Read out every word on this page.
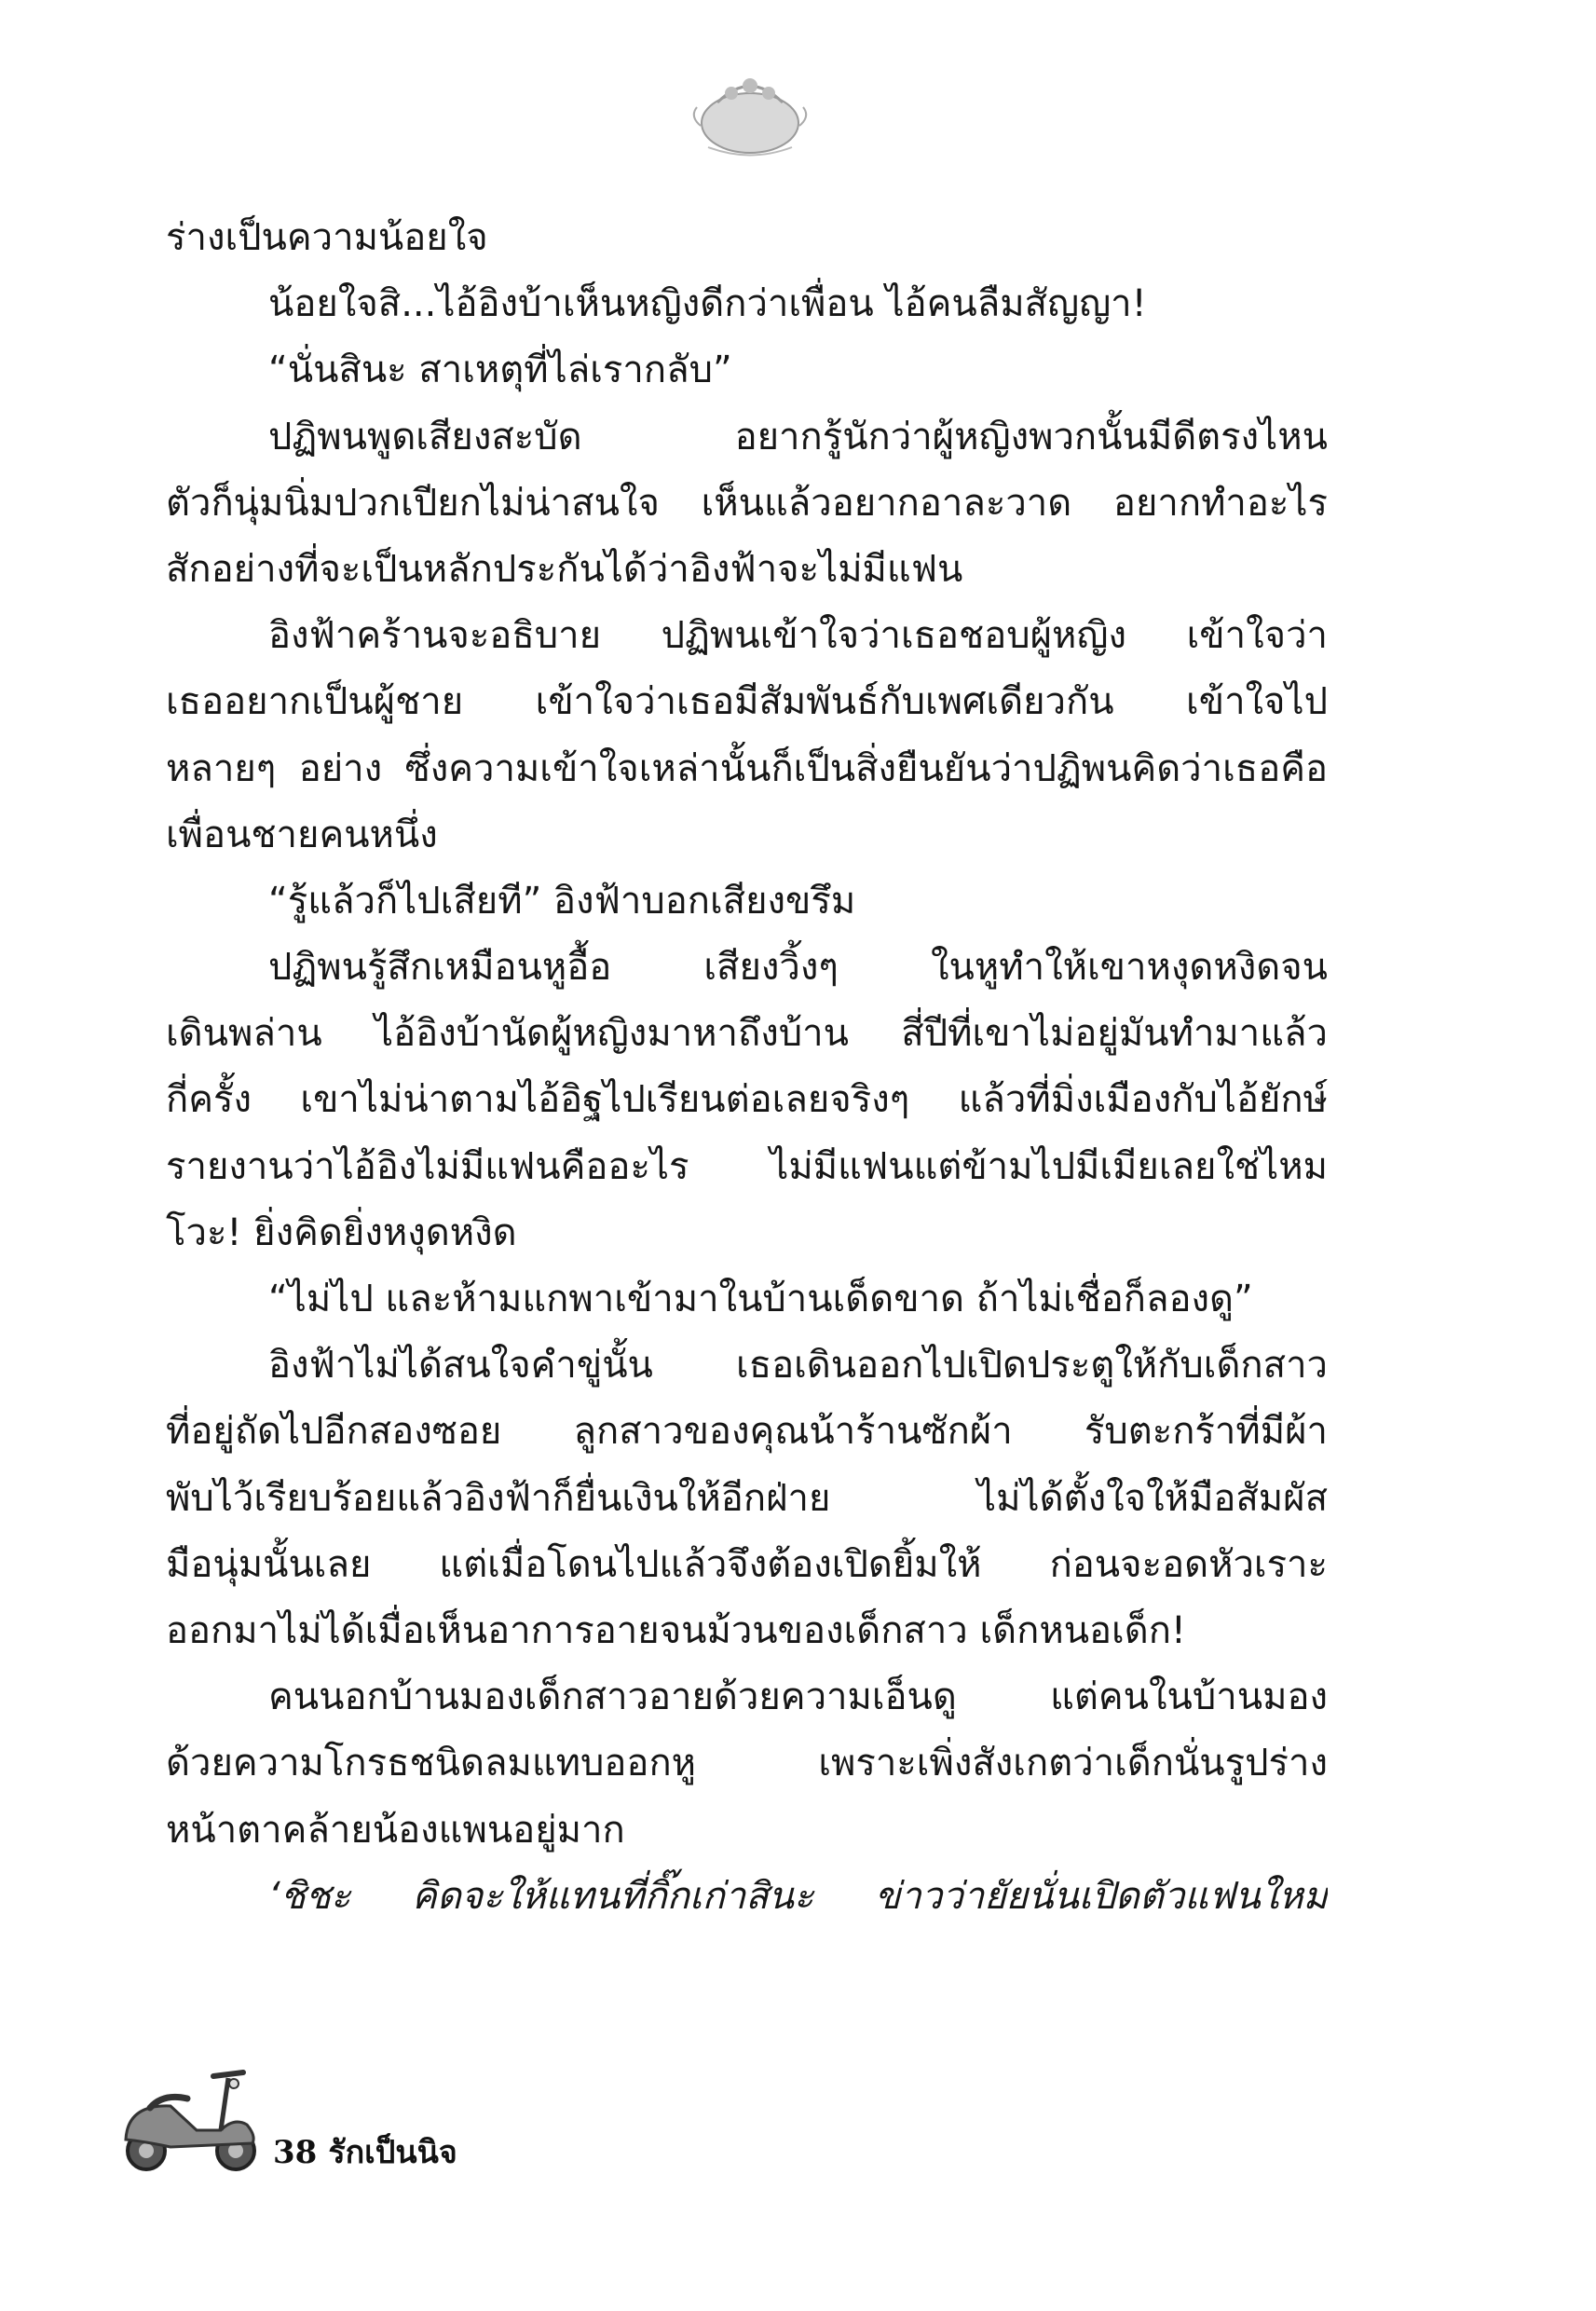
ร่างเป็นความน้อยใจ
น้อยใจสิ...ไอ้อิงบ้าเห็นหญิงดีกว่าเพื่อน ไอ้คนลืมสัญญา!
“นั่นสินะ สาเหตุที่ไล่เรากลับ”
ปฏิพนพูดเสียงสะบัด อยากรู้นักว่าผู้หญิงพวกนั้นมีดีตรงไหน
ตัวก็นุ่มนิ่มปวกเปียกไม่น่าสนใจ เห็นแล้วอยากอาละวาด อยากทำอะไร
สักอย่างที่จะเป็นหลักประกันได้ว่าอิงฟ้าจะไม่มีแฟน
อิงฟ้าคร้านจะอธิบาย ปฏิพนเข้าใจว่าเธอชอบผู้หญิง เข้าใจว่า
เธออยากเป็นผู้ชาย เข้าใจว่าเธอมีสัมพันธ์กับเพศเดียวกัน เข้าใจไป
หลายๆ อย่าง ซึ่งความเข้าใจเหล่านั้นก็เป็นสิ่งยืนยันว่าปฏิพนคิดว่าเธอคือ
เพื่อนชายคนหนึ่ง
“รู้แล้วก็ไปเสียที” อิงฟ้าบอกเสียงขรึม
ปฏิพนรู้สึกเหมือนหูอื้อ เสียงวิ้งๆ ในหูทำให้เขาหงุดหงิดจน
เดินพล่าน ไอ้อิงบ้านัดผู้หญิงมาหาถึงบ้าน สี่ปีที่เขาไม่อยู่มันทำมาแล้ว
กี่ครั้ง เขาไม่น่าตามไอ้อิฐไปเรียนต่อเลยจริงๆ แล้วที่มิ่งเมืองกับไอ้ยักษ์
รายงานว่าไอ้อิงไม่มีแฟนคืออะไร ไม่มีแฟนแต่ข้ามไปมีเมียเลยใช่ไหม
โวะ! ยิ่งคิดยิ่งหงุดหงิด
“ไม่ไป และห้ามแกพาเข้ามาในบ้านเด็ดขาด ถ้าไม่เชื่อก็ลองดู”
อิงฟ้าไม่ได้สนใจคำขู่นั้น เธอเดินออกไปเปิดประตูให้กับเด็กสาว
ที่อยู่ถัดไปอีกสองซอย ลูกสาวของคุณน้าร้านซักผ้า รับตะกร้าที่มีผ้า
พับไว้เรียบร้อยแล้วอิงฟ้าก็ยื่นเงินให้อีกฝ่าย ไม่ได้ตั้งใจให้มือสัมผัส
มือนุ่มนั้นเลย แต่เมื่อโดนไปแล้วจึงต้องเปิดยิ้มให้ ก่อนจะอดหัวเราะ
ออกมาไม่ได้เมื่อเห็นอาการอายจนม้วนของเด็กสาว เด็กหนอเด็ก!
คนนอกบ้านมองเด็กสาวอายด้วยความเอ็นดู แต่คนในบ้านมอง
ด้วยความโกรธชนิดลมแทบออกหู เพราะเพิ่งสังเกตว่าเด็กนั่นรูปร่าง
หน้าตาคล้ายน้องแพนอยู่มาก
‘ชิชะ คิดจะให้แทนที่กิ๊กเก่าสินะ ข่าวว่ายัยนั่นเปิดตัวแฟนใหม่
38 รักเป็นนิจ
